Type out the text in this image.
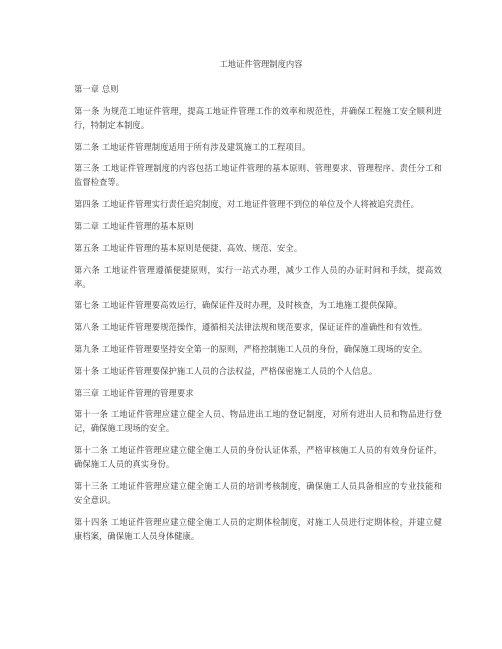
工地证件管理制度内容

第一章 总则

第一条 为规范工地证件管理，提高工地证件管理工作的效率和规范性，并确保工程施工安全顺利进行，特制定本制度。

第二条 工地证件管理制度适用于所有涉及建筑施工的工程项目。

第三条 工地证件管理制度的内容包括工地证件管理的基本原则、管理要求、管理程序、责任分工和监督检查等。

第四条 工地证件管理实行责任追究制度，对工地证件管理不到位的单位及个人将被追究责任。

第二章 工地证件管理的基本原则

第五条 工地证件管理的基本原则是便捷、高效、规范、安全。

第六条 工地证件管理遵循便捷原则，实行一站式办理，减少工作人员的办证时间和手续，提高效率。

第七条 工地证件管理要高效运行，确保证件及时办理，及时核查，为工地施工提供保障。

第八条 工地证件管理要规范操作，遵循相关法律法规和规范要求，保证证件的准确性和有效性。

第九条 工地证件管理要坚持安全第一的原则，严格控制施工人员的身份，确保施工现场的安全。

第十条 工地证件管理要保护施工人员的合法权益，严格保密施工人员的个人信息。

第三章 工地证件管理的管理要求

第十一条 工地证件管理应建立健全人员、物品进出工地的登记制度，对所有进出人员和物品进行登记，确保施工现场的安全。

第十二条 工地证件管理应建立健全施工人员的身份认证体系，严格审核施工人员的有效身份证件，确保施工人员的真实身份。

第十三条 工地证件管理应建立健全施工人员的培训考核制度，确保施工人员具备相应的专业技能和安全意识。

第十四条 工地证件管理应建立健全施工人员的定期体检制度，对施工人员进行定期体检，并建立健康档案，确保施工人员身体健康。
